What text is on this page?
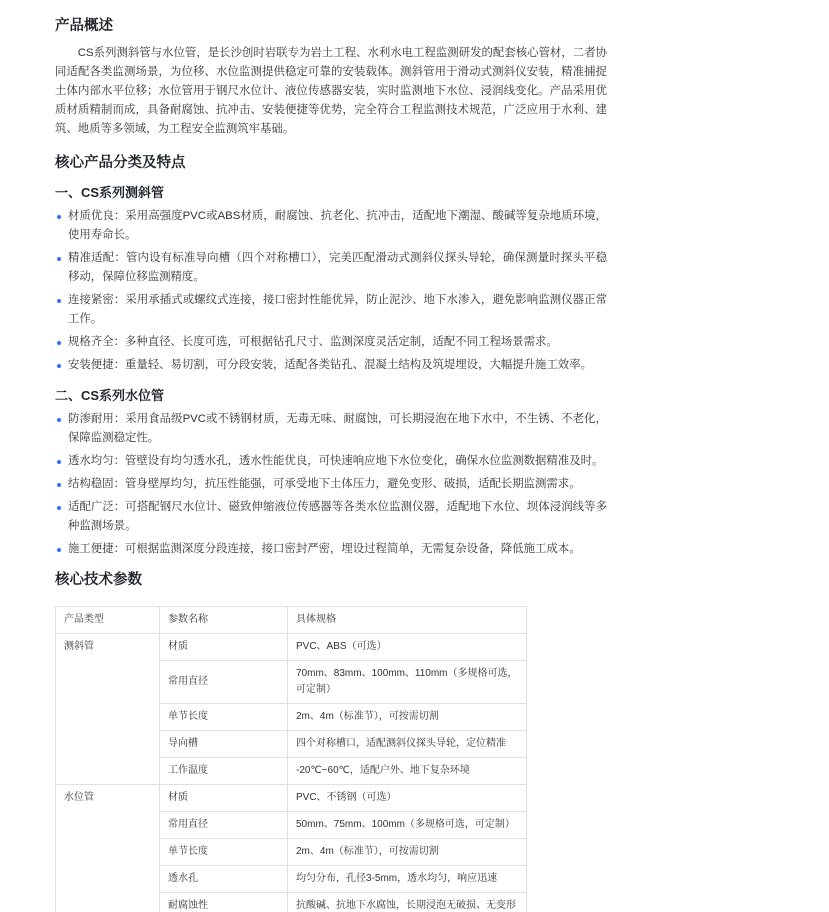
产品概述

CS系列测斜管与水位管，是长沙创时岩联专为岩土工程、水利水电工程监测研发的配套核心管材，二者协同适配各类监测场景，为位移、水位监测提供稳定可靠的安装载体。测斜管用于滑动式测斜仪安装，精准捕捉土体内部水平位移；水位管用于钢尺水位计、液位传感器安装，实时监测地下水位、浸润线变化。产品采用优质材质精制而成，具备耐腐蚀、抗冲击、安装便捷等优势，完全符合工程监测技术规范，广泛应用于水利、建筑、地质等多领域，为工程安全监测筑牢基础。

核心产品分类及特点
一、CS系列测斜管
材质优良：采用高强度PVC或ABS材质，耐腐蚀、抗老化、抗冲击，适配地下潮湿、酸碱等复杂地质环境，使用寿命长。
精准适配：管内设有标准导向槽（四个对称槽口），完美匹配滑动式测斜仪探头导轮，确保测量时探头平稳移动，保障位移监测精度。
连接紧密：采用承插式或螺纹式连接，接口密封性能优异，防止泥沙、地下水渗入，避免影响监测仪器正常工作。
规格齐全：多种直径、长度可选，可根据钻孔尺寸、监测深度灵活定制，适配不同工程场景需求。
安装便捷：重量轻、易切割，可分段安装，适配各类钻孔、混凝土结构及筑堤埋设，大幅提升施工效率。
二、CS系列水位管
防渗耐用：采用食品级PVC或不锈钢材质，无毒无味、耐腐蚀，可长期浸泡在地下水中，不生锈、不老化，保障监测稳定性。
透水均匀：管壁设有均匀透水孔，透水性能优良，可快速响应地下水位变化，确保水位监测数据精准及时。
结构稳固：管身壁厚均匀，抗压性能强，可承受地下土体压力，避免变形、破损，适配长期监测需求。
适配广泛：可搭配钢尺水位计、磁致伸缩液位传感器等各类水位监测仪器，适配地下水位、坝体浸润线等多种监测场景。
施工便捷：可根据监测深度分段连接，接口密封严密，埋设过程简单，无需复杂设备，降低施工成本。
核心技术参数
产品类型	参数名称	具体规格
测斜管	材质	PVC、ABS（可选）
	常用直径	70mm、83mm、100mm、110mm（多规格可选，可定制）
	单节长度	2m、4m（标准节），可按需切割
	导向槽	四个对称槽口，适配测斜仪探头导轮，定位精准
	工作温度	-20℃~60℃，适配户外、地下复杂环境
水位管	材质	PVC、不锈钢（可选）
	常用直径	50mm、75mm、100mm（多规格可选，可定制）
	单节长度	2m、4m（标准节），可按需切割
	透水孔	均匀分布，孔径3-5mm，透水均匀，响应迅速
	耐腐蚀性	抗酸碱、抗地下水腐蚀，长期浸泡无破损、无变形
